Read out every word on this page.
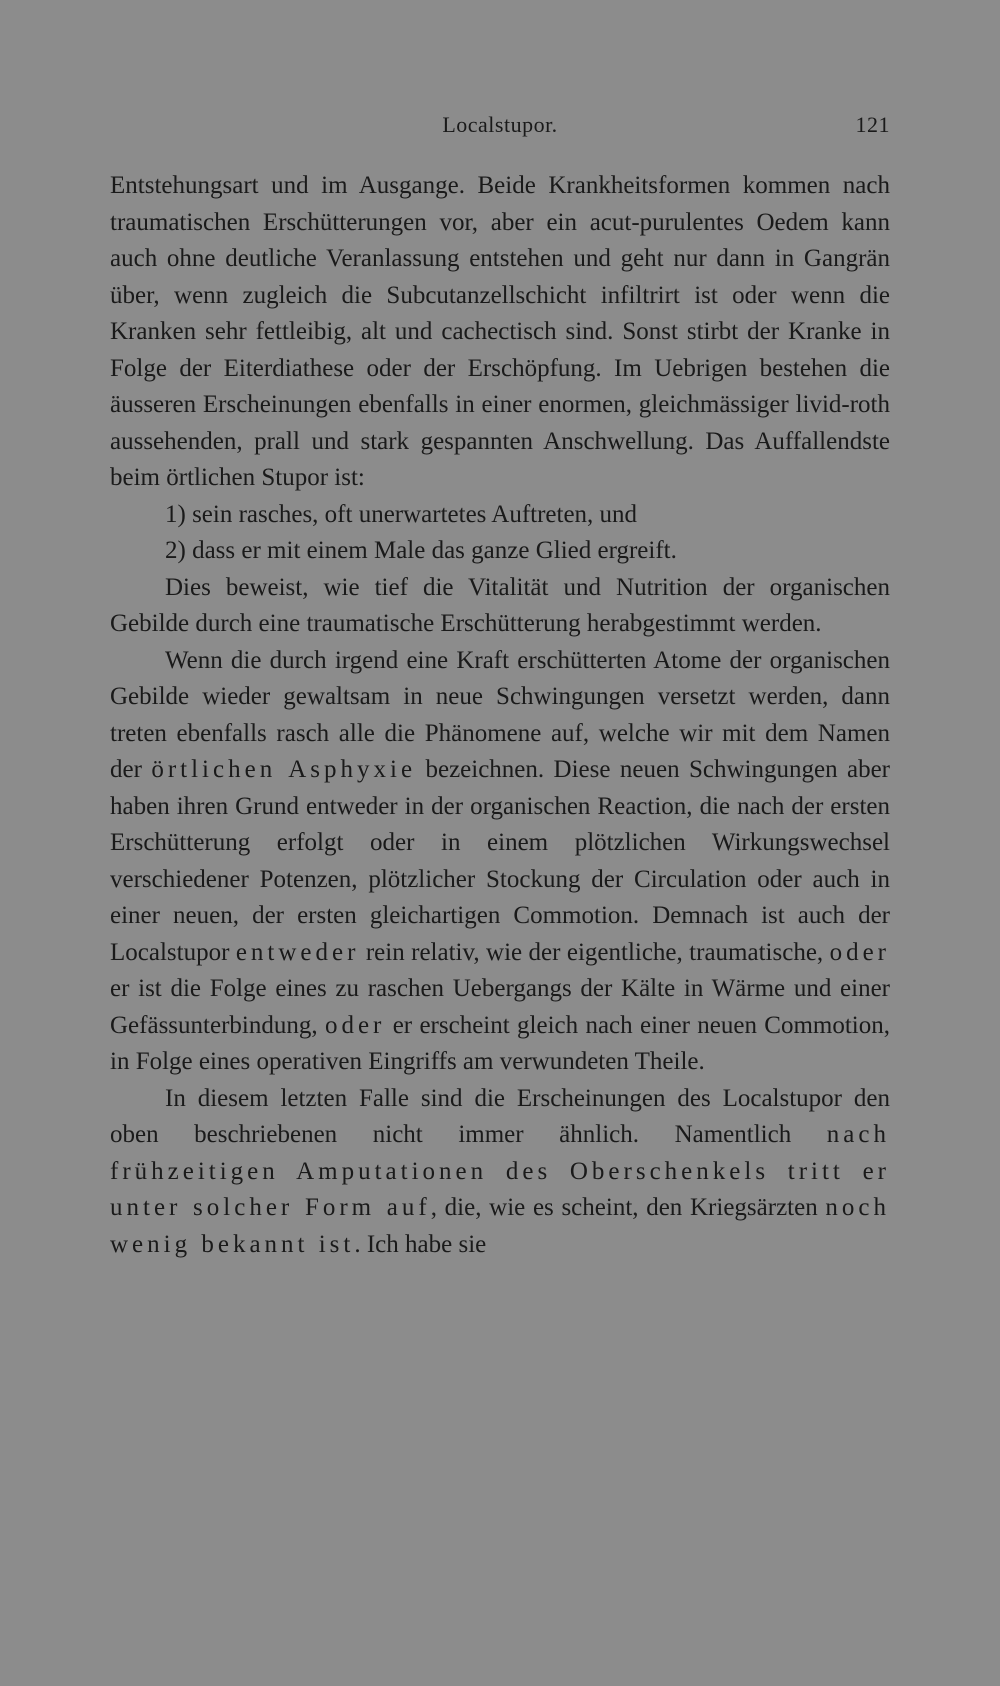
Localstupor.	121

Entstehungsart und im Ausgange. Beide Krankheitsformen kommen nach traumatischen Erschütterungen vor, aber ein acut-purulentes Oedem kann auch ohne deutliche Veranlassung entstehen und geht nur dann in Gangrän über, wenn zugleich die Subcutanzellschicht infiltrirt ist oder wenn die Kranken sehr fettleibig, alt und cachectisch sind. Sonst stirbt der Kranke in Folge der Eiterdiathese oder der Erschöpfung. Im Uebrigen bestehen die äusseren Erscheinungen ebenfalls in einer enormen, gleichmässiger livid-roth aussehenden, prall und stark gespannten Anschwellung. Das Auffallendste beim örtlichen Stupor ist:

1) sein rasches, oft unerwartetes Auftreten, und

2) dass er mit einem Male das ganze Glied ergreift.

Dies beweist, wie tief die Vitalität und Nutrition der organischen Gebilde durch eine traumatische Erschütterung herabgestimmt werden.

Wenn die durch irgend eine Kraft erschütterten Atome der organischen Gebilde wieder gewaltsam in neue Schwingungen versetzt werden, dann treten ebenfalls rasch alle die Phänomene auf, welche wir mit dem Namen der örtlichen Asphyxie bezeichnen. Diese neuen Schwingungen aber haben ihren Grund entweder in der organischen Reaction, die nach der ersten Erschütterung erfolgt oder in einem plötzlichen Wirkungswechsel verschiedener Potenzen, plötzlicher Stockung der Circulation oder auch in einer neuen, der ersten gleichartigen Commotion. Demnach ist auch der Localstupor entweder rein relativ, wie der eigentliche, traumatische, oder er ist die Folge eines zu raschen Uebergangs der Kälte in Wärme und einer Gefässunterbindung, oder er erscheint gleich nach einer neuen Commotion, in Folge eines operativen Eingriffs am verwundeten Theile.

In diesem letzten Falle sind die Erscheinungen des Localstupor den oben beschriebenen nicht immer ähnlich. Namentlich nach frühzeitigen Amputationen des Oberschenkels tritt er unter solcher Form auf, die, wie es scheint, den Kriegsärzten noch wenig bekannt ist. Ich habe sie
